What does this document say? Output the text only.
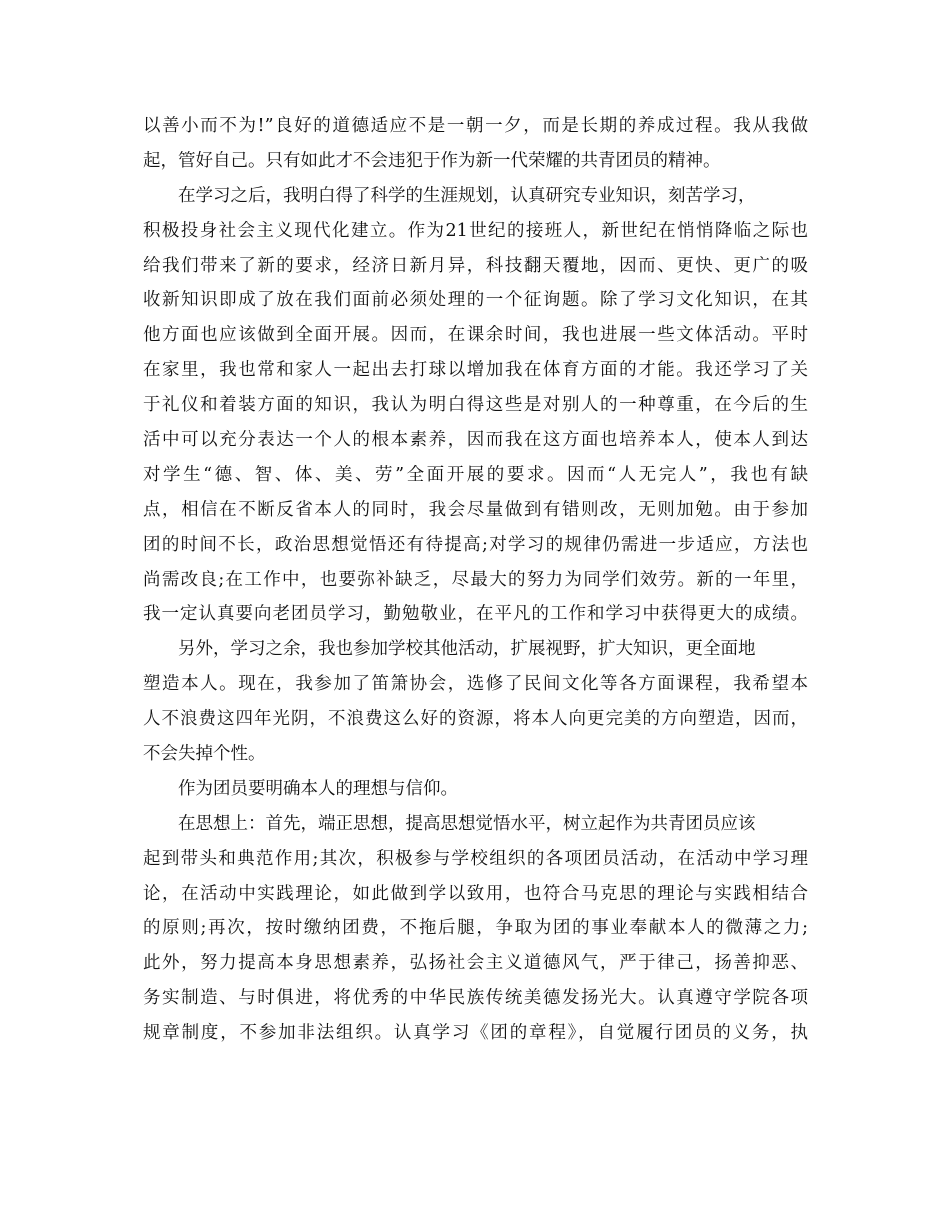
以善小而不为!”良好的道德适应不是一朝一夕，而是长期的养成过程。我从我做
起，管好自己。只有如此才不会违犯于作为新一代荣耀的共青团员的精神。
在学习之后，我明白得了科学的生涯规划，认真研究专业知识，刻苦学习，
积极投身社会主义现代化建立。作为21世纪的接班人，新世纪在悄悄降临之际也
给我们带来了新的要求，经济日新月异，科技翻天覆地，因而、更快、更广的吸
收新知识即成了放在我们面前必须处理的一个征询题。除了学习文化知识，在其
他方面也应该做到全面开展。因而，在课余时间，我也进展一些文体活动。平时
在家里，我也常和家人一起出去打球以增加我在体育方面的才能。我还学习了关
于礼仪和着装方面的知识，我认为明白得这些是对别人的一种尊重，在今后的生
活中可以充分表达一个人的根本素养，因而我在这方面也培养本人，使本人到达
对学生“德、智、体、美、劳”全面开展的要求。因而“人无完人”，我也有缺
点，相信在不断反省本人的同时，我会尽量做到有错则改，无则加勉。由于参加
团的时间不长，政治思想觉悟还有待提高;对学习的规律仍需进一步适应，方法也
尚需改良;在工作中，也要弥补缺乏，尽最大的努力为同学们效劳。新的一年里，
我一定认真要向老团员学习，勤勉敬业，在平凡的工作和学习中获得更大的成绩。
另外，学习之余，我也参加学校其他活动，扩展视野，扩大知识，更全面地
塑造本人。现在，我参加了笛箫协会，选修了民间文化等各方面课程，我希望本
人不浪费这四年光阴，不浪费这么好的资源，将本人向更完美的方向塑造，因而，
不会失掉个性。
作为团员要明确本人的理想与信仰。
在思想上：首先，端正思想，提高思想觉悟水平，树立起作为共青团员应该
起到带头和典范作用;其次，积极参与学校组织的各项团员活动，在活动中学习理
论，在活动中实践理论，如此做到学以致用，也符合马克思的理论与实践相结合
的原则;再次，按时缴纳团费，不拖后腿，争取为团的事业奉献本人的微薄之力;
此外，努力提高本身思想素养，弘扬社会主义道德风气，严于律己，扬善抑恶、
务实制造、与时俱进，将优秀的中华民族传统美德发扬光大。认真遵守学院各项
规章制度，不参加非法组织。认真学习《团的章程》，自觉履行团员的义务，执
